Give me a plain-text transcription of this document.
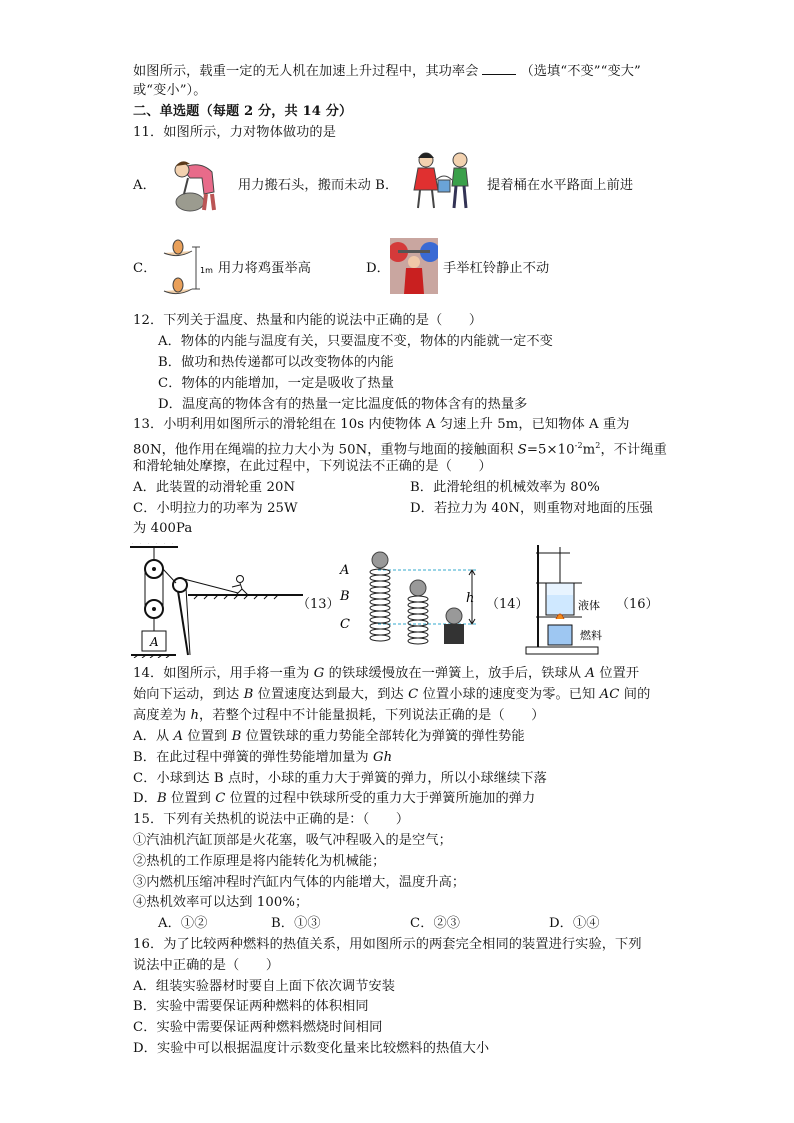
如图所示，载重一定的无人机在加速上升过程中，其功率会	（选填“不变”“变大”
或“变小”）。
二、单选题（每题 2 分，共 14 分）
11．如图所示，力对物体做功的是
A．	用力搬石头，搬而未动 B．	提着桶在水平路面上前进
C．	1m 用力将鸡蛋举高	D．	手举杠铃静止不动
12．下列关于温度、热量和内能的说法中正确的是（　　）
A．物体的内能与温度有关，只要温度不变，物体的内能就一定不变
B．做功和热传递都可以改变物体的内能
C．物体的内能增加，一定是吸收了热量
D．温度高的物体含有的热量一定比温度低的物体含有的热量多
13．小明利用如图所示的滑轮组在 10s 内使物体 A 匀速上升 5m，已知物体 A 重为
80N，他作用在绳端的拉力大小为 50N，重物与地面的接触面积 $S=5\times 10^{-2}m^2$，不计绳重
和滑轮轴处摩擦，在此过程中，下列说法不正确的是（　　）
A．此装置的动滑轮重 20N	B．此滑轮组的机械效率为 80%
C．小明拉力的功率为 25W	D．若拉力为 40N，则重物对地面的压强
为 400Pa
A
（13）
A
B
C
h （14）	液体
燃料
（16）
14．如图所示，用手将一重为 G 的铁球缓慢放在一弹簧上，放手后，铁球从 A 位置开
始向下运动，到达 B 位置速度达到最大，到达 C 位置小球的速度变为零。已知 AC 间的
高度差为 h，若整个过程中不计能量损耗，下列说法正确的是（　　）
A．从 A 位置到 B 位置铁球的重力势能全部转化为弹簧的弹性势能
B．在此过程中弹簧的弹性势能增加量为 Gh
C．小球到达 B 点时，小球的重力大于弹簧的弹力，所以小球继续下落
D．B 位置到 C 位置的过程中铁球所受的重力大于弹簧所施加的弹力
15．下列有关热机的说法中正确的是：（　　）
①汽油机汽缸顶部是火花塞，吸气冲程吸入的是空气；
②热机的工作原理是将内能转化为机械能；
③内燃机压缩冲程时汽缸内气体的内能增大，温度升高；
④热机效率可以达到 100%；
A．①②	B．①③	C．②③	D．①④
16．为了比较两种燃料的热值关系，用如图所示的两套完全相同的装置进行实验，下列
说法中正确的是（　　）
A．组装实验器材时要自上面下依次调节安装
B．实验中需要保证两种燃料的体积相同
C．实验中需要保证两种燃料燃烧时间相同
D．实验中可以根据温度计示数变化量来比较燃料的热值大小
